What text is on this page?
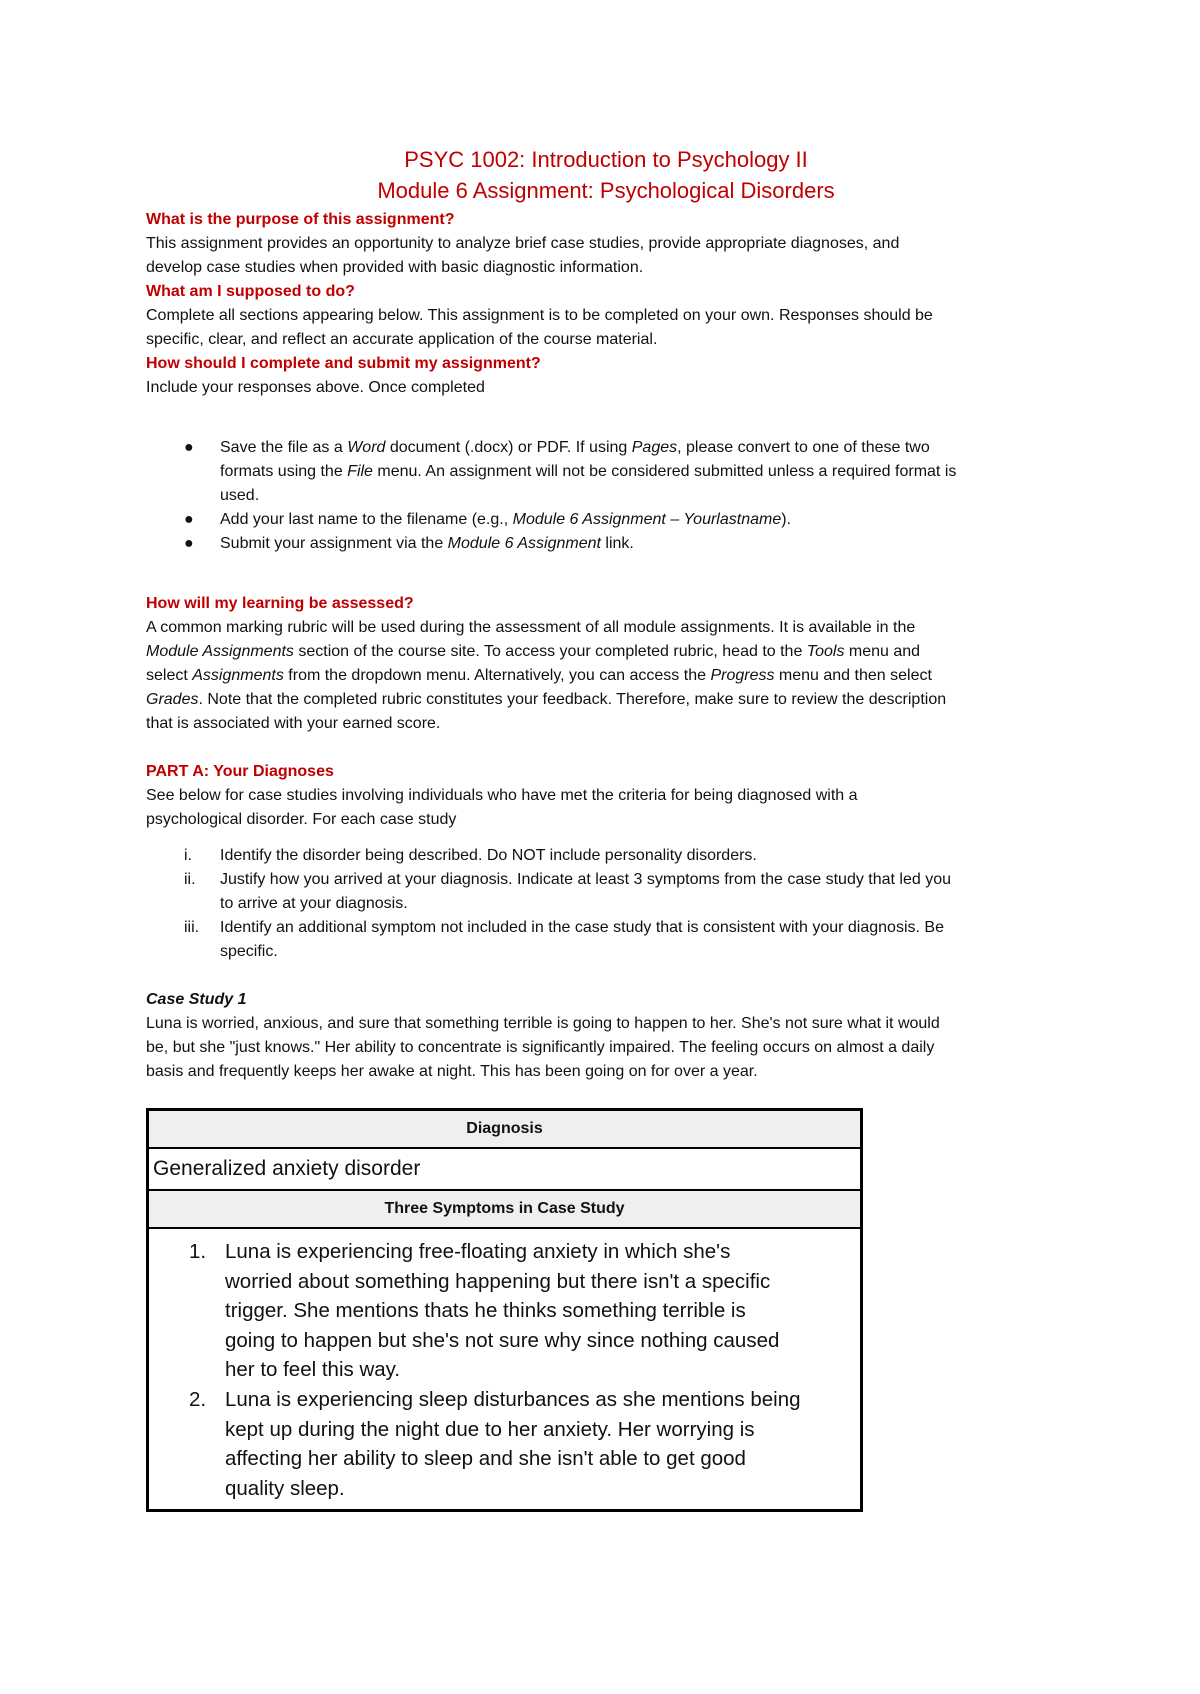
PSYC 1002: Introduction to Psychology II

Module 6 Assignment: Psychological Disorders

What is the purpose of this assignment?

This assignment provides an opportunity to analyze brief case studies, provide appropriate diagnoses, and

develop case studies when provided with basic diagnostic information.

What am I supposed to do?

Complete all sections appearing below. This assignment is to be completed on your own. Responses should be

specific, clear, and reflect an accurate application of the course material.

How should I complete and submit my assignment?

Include your responses above. Once completed

● Save the file as a Word document (.docx) or PDF. If using Pages, please convert to one of these two
formats using the File menu. An assignment will not be considered submitted unless a required format is
used.
● Add your last name to the filename (e.g., Module 6 Assignment – Yourlastname).
● Submit your assignment via the Module 6 Assignment link.

How will my learning be assessed?

A common marking rubric will be used during the assessment of all module assignments. It is available in the
Module Assignments section of the course site. To access your completed rubric, head to the Tools menu and
select Assignments from the dropdown menu. Alternatively, you can access the Progress menu and then select
Grades. Note that the completed rubric constitutes your feedback. Therefore, make sure to review the description
that is associated with your earned score.

PART A: Your Diagnoses

See below for case studies involving individuals who have met the criteria for being diagnosed with a

psychological disorder. For each case study

i. Identify the disorder being described. Do NOT include personality disorders.
ii. Justify how you arrived at your diagnosis. Indicate at least 3 symptoms from the case study that led you
to arrive at your diagnosis.
iii. Identify an additional symptom not included in the case study that is consistent with your diagnosis. Be
specific.

Case Study 1

Luna is worried, anxious, and sure that something terrible is going to happen to her. She's not sure what it would
be, but she "just knows." Her ability to concentrate is significantly impaired. The feeling occurs on almost a daily
basis and frequently keeps her awake at night. This has been going on for over a year.

Diagnosis
Generalized anxiety disorder
Three Symptoms in Case Study

1. Luna is experiencing free-floating anxiety in which she's
worried about something happening but there isn't a specific
trigger. She mentions thats he thinks something terrible is
going to happen but she's not sure why since nothing caused
her to feel this way.
2. Luna is experiencing sleep disturbances as she mentions being
kept up during the night due to her anxiety. Her worrying is
affecting her ability to sleep and she isn't able to get good
quality sleep.
